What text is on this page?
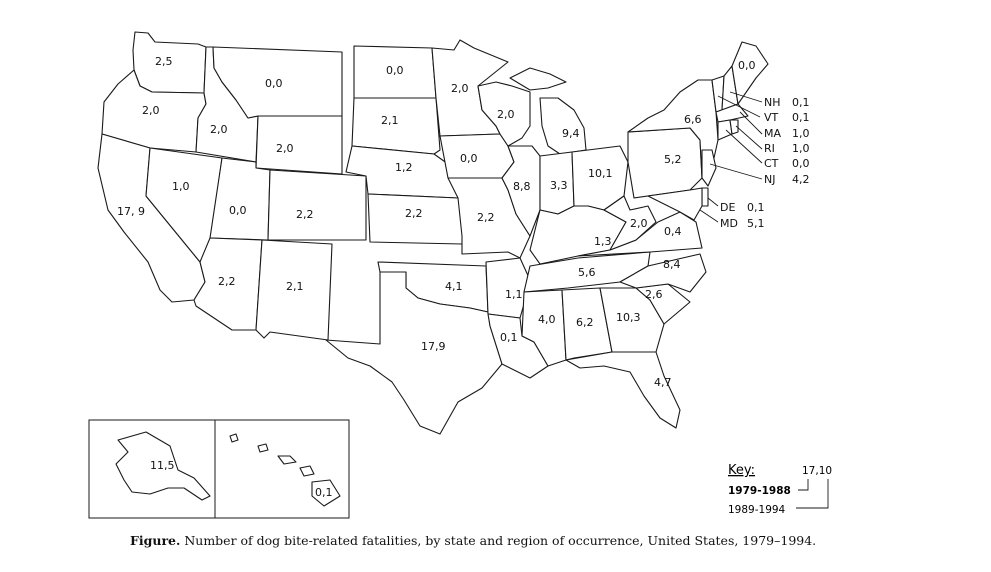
2,5
2,0
17, 9
2,0
1,0
0,0
2,0
0,0	2,2
2,2	2,1
0,0
2,1
1,2
2,2
4,1
17,9
2,0
0,0
2,2
1,1
0,1
2,0
8,8
9,4
3,3
10,1
1,3
5,6
4,0 6,2 10,3
4,7
2,6
8,4
0,4
2,0
5,2
6,6
0,0
11,5
0,1
NH 0,1
VT 0,1
MA 1,0
RI 1,0
CT 0,0
NJ 4,2
DE 0,1
MD 5,1
Key:	17,10
1979-1988
1989-1994
Figure. Number of dog bite-related fatalities, by state and region of occurrence, United States, 1979–1994.
